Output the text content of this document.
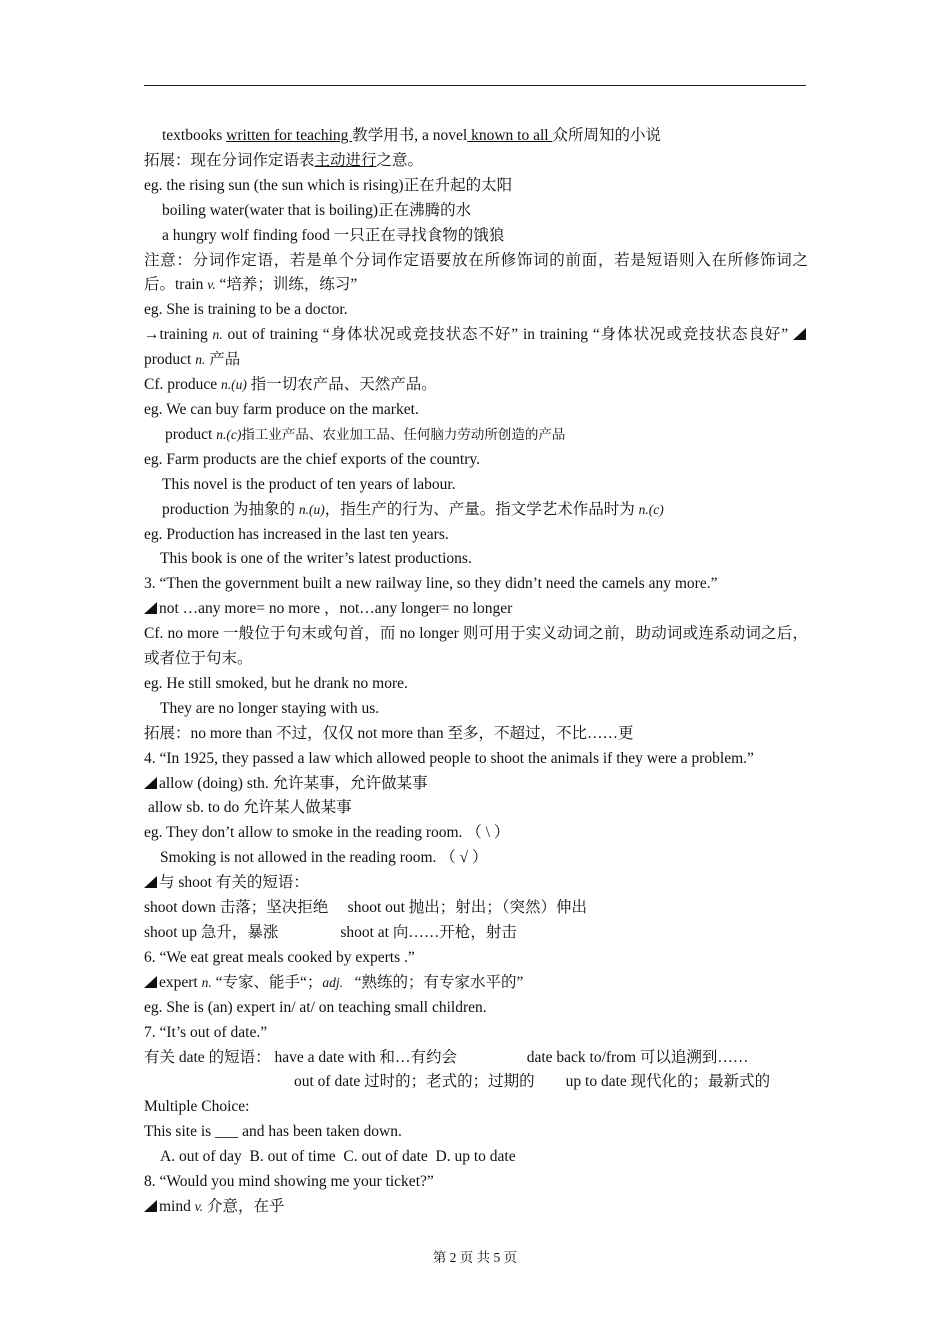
textbooks written for teaching 教学用书, a novel known to all 众所周知的小说
拓展：现在分词作定语表主动进行之意。
eg. the rising sun (the sun which is rising)正在升起的太阳
boiling water(water that is boiling)正在沸腾的水
a hungry wolf finding food 一只正在寻找食物的饿狼
注意：分词作定语，若是单个分词作定语要放在所修饰词的前面，若是短语则入在所修饰词之后。train v. “培养；训练，练习”
eg. She is training to be a doctor.
→training n. out of training “身体状况或竞技状态不好” in training “身体状况或竞技状态良好” product n. 产品
Cf. produce n.(u) 指一切农产品、天然产品。
eg. We can buy farm produce on the market.
product n.(c)指工业产品、农业加工品、任何脑力劳动所创造的产品
eg. Farm products are the chief exports of the country.
This novel is the product of ten years of labour.
production 为抽象的 n.(u)，指生产的行为、产量。指文学艺术作品时为 n.(c)
eg. Production has increased in the last ten years.
This book is one of the writer’s latest productions.
3. “Then the government built a new railway line, so they didn’t need the camels any more.”
not …any more= no more ，not…any longer= no longer
Cf. no more 一般位于句末或句首，而 no longer 则可用于实义动词之前，助动词或连系动词之后，或者位于句末。
eg. He still smoked, but he drank no more.
They are no longer staying with us.
拓展：no more than 不过，仅仅 not more than 至多，不超过，不比……更
4. “In 1925, they passed a law which allowed people to shoot the animals if they were a problem.”
allow (doing) sth. 允许某事，允许做某事
allow sb. to do 允许某人做某事
eg. They don’t allow to smoke in the reading room. （ \ ）
Smoking is not allowed in the reading room. （ √ ）
与 shoot 有关的短语：
shoot down 击落；坚决拒绝     shoot out 抛出；射出；（突然）伸出
shoot up 急升，暴涨                shoot at 向……开枪，射击
6. “We eat great meals cooked by experts .”
expert n. “专家、能手“；adj.   “熟练的；有专家水平的”
eg. She is (an) expert in/ at/ on teaching small children.
7. “It’s out of date.”
有关 date 的短语： have a date with 和…有约会                  date back to/from 可以追溯到……
out of date 过时的；老式的；过期的        up to date 现代化的；最新式的
Multiple Choice:
This site is ___ and has been taken down.
A. out of day  B. out of time  C. out of date  D. up to date
8. “Would you mind showing me your ticket?”
mind v. 介意，在乎
第 2 页 共 5 页
